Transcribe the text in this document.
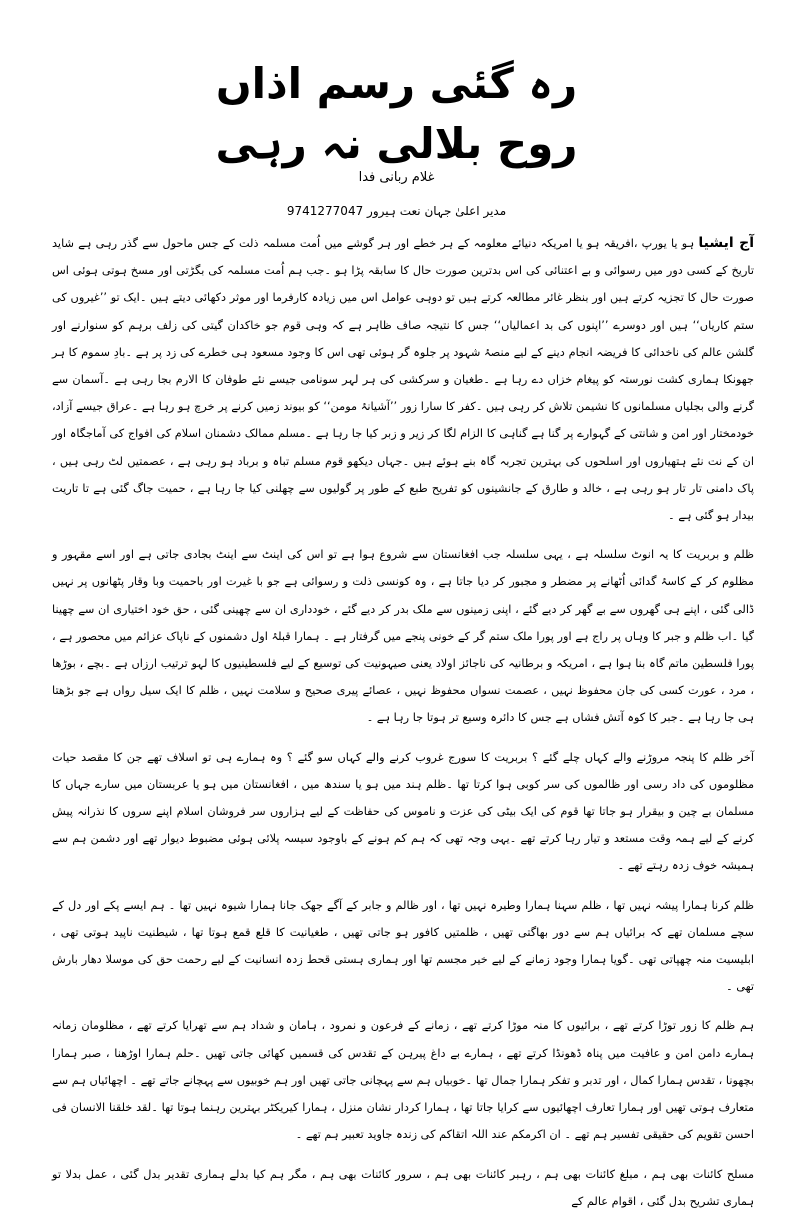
رہ گئی رسم اذاں
روح بلالی نہ رہی
غلام ربانی فدا
مدیر اعلیٰ جہان نعت ہیرور 9741277047

آج ایشیا ہو یا یورپ ،افریقہ ہو یا امریکہ دنیائے معلومہ کے ہر خطے اور ہر گوشے میں اُمت مسلمہ ذلت کے جس ماحول سے گذر رہی ہے شاید تاریخ کے کسی دور میں رسوائی و بے اعتنائی کی اس بدترین صورت حال کا سابقہ پڑا ہو ۔جب ہم اُمت مسلمہ کی بگڑتی اور مسخ ہوتی ہوئی اس صورت حال کا تجزیہ کرتے ہیں اور بنظر غائر مطالعہ کرتے ہیں تو دوہی عوامل اس میں زیادہ کارفرما اور موثر دکھائی دیتے ہیں ۔ایک تو ’’غیروں کی ستم کاریاں‘‘ ہیں اور دوسرے ’’اپنوں کی بد اعمالیاں‘‘ جس کا نتیجہ صاف ظاہر ہے کہ وہی قوم جو خاکدان گیتی کی زلف برہم کو سنوارنے اور گلشن عالم کی ناخدائی کا فریضہ انجام دینے کے لیے منصۂ شہود پر جلوہ گر ہوئی تھی اس کا وجود مسعود ہی خطرے کی زد پر ہے ۔بادِ سموم کا ہر جھونکا ہماری کشت نورستہ کو پیغام خزاں دے رہا ہے ۔طغیان و سرکشی کی ہر لہر سونامی جیسے نئے طوفان کا الارم بجا رہی ہے ۔آسمان سے گرنے والی بجلیاں مسلمانوں کا نشیمن تلاش کر رہی ہیں ۔کفر کا سارا زور ’’آشیانۂ مومن‘‘ کو بیوند زمیں کرنے پر خرچ ہو رہا ہے ۔عراق جیسے آزاد، خودمختار اور امن و شانتی کے گہوارے پر گنا ہے گناہی کا الزام لگا کر زیر و زبر کیا جا رہا ہے ۔مسلم ممالک دشمنان اسلام کی افواج کی آماجگاہ اور ان کے نت نئے ہتھیاروں اور اسلحوں کی بہترین تجربہ گاہ بنے ہوئے ہیں ۔جہاں دیکھو قوم مسلم تباہ و برباد ہو رہی ہے ، عصمتیں لٹ رہی ہیں ، پاک دامنی تار تار ہو رہی ہے ، خالد و طارق کے جانشینوں کو تفریح طبع کے طور پر گولیوں سے چھلنی کیا جا رہا ہے ، حمیت جاگ گئی ہے تا تاریت بیدار ہو گئی ہے ۔

ظلم و بربریت کا یہ انوٹ سلسلہ ہے ، یہی سلسلہ جب افغانستان سے شروع ہوا ہے تو اس کی اینٹ سے اینٹ بجادی جاتی ہے اور اسے مقہور و مظلوم کر کے کاسۂ گدائی اُٹھانے پر مضطر و مجبور کر دیا جاتا ہے ، وہ کونسی ذلت و رسوائی ہے جو با غیرت اور باحمیت وبا وقار پٹھانوں پر نہیں ڈالی گئی ، اپنے ہی گھروں سے بے گھر کر دیے گئے ، اپنی زمینوں سے ملک بدر کر دیے گئے ، خودداری ان سے چھینی گئی ، حق خود اختیاری ان سے چھینا گیا ۔اب ظلم و جبر کا وہاں پر راج ہے اور پورا ملک ستم گر کے خونی پنجے میں گرفتار ہے ۔ ہمارا قبلۂ اول دشمنوں کے ناپاک عزائم میں محصور ہے ، پورا فلسطین ماتم گاہ بنا ہوا ہے ، امریکہ و برطانیہ کی ناجائز اولاد یعنی صیہونیت کی توسیع کے لیے فلسطینیوں کا لہو ترتیب ارزاں ہے ۔بچے ، بوڑھا ، مرد ، عورت کسی کی جان محفوظ نہیں ، عصمت نسواں محفوظ نہیں ، عصائے پیری صحیح و سلامت نہیں ، ظلم کا ایک سیل رواں ہے جو بڑھتا ہی جا رہا ہے ۔جبر کا کوہ آتش فشاں ہے جس کا دائرہ وسیع تر ہوتا جا رہا ہے ۔

آخر ظلم کا پنجہ مروڑنے والے کہاں چلے گئے ؟ بربریت کا سورج غروب کرنے والے کہاں سو گئے ؟ وہ ہمارے ہی تو اسلاف تھے جن کا مقصد حیات مظلوموں کی داد رسی اور ظالموں کی سر کوبی ہوا کرتا تھا ۔ظلم ہند میں ہو یا سندھ میں ، افغانستان میں ہو یا عربستان میں سارے جہاں کا مسلمان بے چین و بیقرار ہو جاتا تھا قوم کی ایک بیٹی کی عزت و ناموس کی حفاظت کے لیے ہزاروں سر فروشان اسلام اپنے سروں کا نذرانہ پیش کرنے کے لیے ہمہ وقت مستعد و تیار رہا کرتے تھے ۔یہی وجہ تھی کہ ہم کم ہونے کے باوجود سیسہ پلائی ہوئی مضبوط دیوار تھے اور دشمن ہم سے ہمیشہ خوف زدہ رہتے تھے ۔

ظلم کرنا ہمارا پیشہ نہیں تھا ، ظلم سہنا ہمارا وطیرہ نہیں تھا ، اور ظالم و جابر کے آگے جھک جانا ہمارا شیوہ نہیں تھا ۔ ہم ایسے پکے اور دل کے سچے مسلمان تھے کہ برائیاں ہم سے دور بھاگتی تھیں ، ظلمتیں کافور ہو جاتی تھیں ، طغیانیت کا قلع قمع ہوتا تھا ، شیطنیت ناپید ہوتی تھی ، ابلیسیت منہ چھپاتی تھی ۔گویا ہمارا وجود زمانے کے لیے خیر مجسم تھا اور ہماری ہستی قحط زدہ انسانیت کے لیے رحمت حق کی موسلا دھار بارش تھی ۔

ہم ظلم کا زور توڑا کرتے تھے ، برائیوں کا منہ موڑا کرتے تھے ، زمانے کے فرعون و نمرود ، ہامان و شداد ہم سے تھرایا کرتے تھے ، مظلومان زمانہ ہمارے دامن امن و عافیت میں پناہ ڈھونڈا کرتے تھے ، ہمارے بے داغ پیرہن کے تقدس کی قسمیں کھائی جاتی تھیں ۔حلم ہمارا اوڑھنا ، صبر ہمارا بچھونا ، تقدس ہمارا کمال ، اور تدبر و تفکر ہمارا جمال تھا ۔خوبیاں ہم سے پہچانی جاتی تھیں اور ہم خوبیوں سے پہچانے جاتے تھے ۔ اچھائیاں ہم سے متعارف ہوتی تھیں اور ہمارا تعارف اچھائیوں سے کرایا جاتا تھا ، ہمارا کردار نشان منزل ، ہمارا کیریکٹر بہترین رہنما ہوتا تھا ۔لقد خلقنا الانسان فی احسن تقویم کی حقیقی تفسیر ہم تھے ۔ ان اکرمکم عند اللہ اتقاکم کی زندہ جاوید تعبیر ہم تھے ۔

مسلح کائنات بھی ہم ، مبلغ کائنات بھی ہم ، رہبر کائنات بھی ہم ، سرور کائنات بھی ہم ، مگر ہم کیا بدلے ہماری تقدیر بدل گئی ، عمل بدلا تو ہماری تشریح بدل گئی ، اقوام عالم کے
